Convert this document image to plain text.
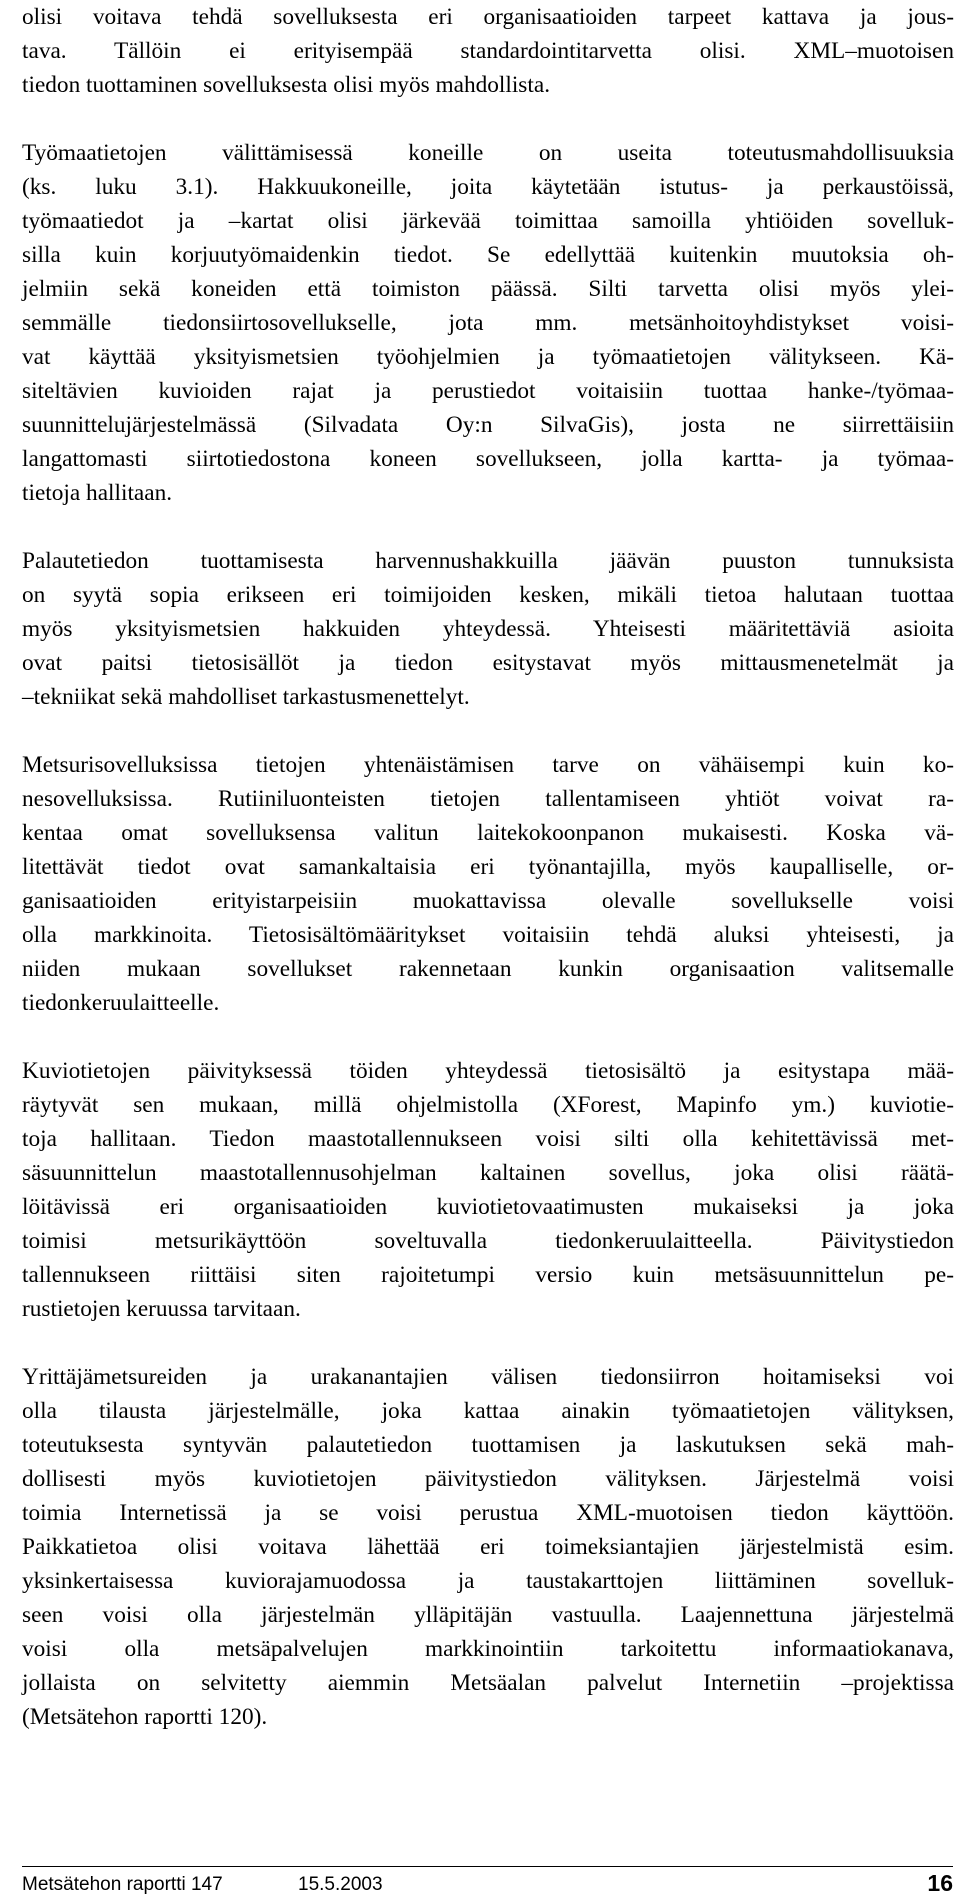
olisi voitava tehdä sovelluksesta eri organisaatioiden tarpeet kattava ja jous-
tava. Tällöin ei erityisempää standardointitarvetta olisi. XML–muotoisen
tiedon tuottaminen sovelluksesta olisi myös mahdollista.
Työmaatietojen välittämisessä koneille on useita toteutusmahdollisuuksia
(ks. luku 3.1). Hakkuukoneille, joita käytetään istutus- ja perkaustöissä,
työmaatiedot ja –kartat olisi järkevää toimittaa samoilla yhtiöiden sovelluk-
silla kuin korjuutyömaidenkin tiedot. Se edellyttää kuitenkin muutoksia oh-
jelmiin sekä koneiden että toimiston päässä. Silti tarvetta olisi myös ylei-
semmälle tiedonsiirtosovellukselle, jota mm. metsänhoitoyhdistykset voisi-
vat käyttää yksityismetsien työohjelmien ja työmaatietojen välitykseen. Kä-
siteltävien kuvioiden rajat ja perustiedot voitaisiin tuottaa hanke-/työmaa-
suunnittelujärjestelmässä (Silvadata Oy:n SilvaGis), josta ne siirrettäisiin
langattomasti siirtotiedostona koneen sovellukseen, jolla kartta- ja työmaa-
tietoja hallitaan.
Palautetiedon tuottamisesta harvennushakkuilla jäävän puuston tunnuksista
on syytä sopia erikseen eri toimijoiden kesken, mikäli tietoa halutaan tuottaa
myös yksityismetsien hakkuiden yhteydessä. Yhteisesti määritettäviä asioita
ovat paitsi tietosisällöt ja tiedon esitystavat myös mittausmenetelmät ja
–tekniikat sekä mahdolliset tarkastusmenettelyt.
Metsurisovelluksissa tietojen yhtenäistämisen tarve on vähäisempi kuin ko-
nesovelluksissa. Rutiiniluonteisten tietojen tallentamiseen yhtiöt voivat ra-
kentaa omat sovelluksensa valitun laitekokoonpanon mukaisesti. Koska vä-
litettävät tiedot ovat samankaltaisia eri työnantajilla, myös kaupalliselle, or-
ganisaatioiden erityistarpeisiin muokattavissa olevalle sovellukselle voisi
olla markkinoita. Tietosisältömääritykset voitaisiin tehdä aluksi yhteisesti, ja
niiden mukaan sovellukset rakennetaan kunkin organisaation valitsemalle
tiedonkeruulaitteelle.
Kuviotietojen päivityksessä töiden yhteydessä tietosisältö ja esitystapa mää-
räytyvät sen mukaan, millä ohjelmistolla (XForest, Mapinfo ym.) kuviotie-
toja hallitaan. Tiedon maastotallennukseen voisi silti olla kehitettävissä met-
säsuunnittelun maastotallennusohjelman kaltainen sovellus, joka olisi räätä-
löitävissä eri organisaatioiden kuviotietovaatimusten mukaiseksi ja joka
toimisi metsurikäyttöön soveltuvalla tiedonkeruulaitteella. Päivitystiedon
tallennukseen riittäisi siten rajoitetumpi versio kuin metsäsuunnittelun pe-
rustietojen keruussa tarvitaan.
Yrittäjämetsureiden ja urakanantajien välisen tiedonsiirron hoitamiseksi voi
olla tilausta järjestelmälle, joka kattaa ainakin työmaatietojen välityksen,
toteutuksesta syntyvän palautetiedon tuottamisen ja laskutuksen sekä mah-
dollisesti myös kuviotietojen päivitystiedon välityksen. Järjestelmä voisi
toimia Internetissä ja se voisi perustua XML-muotoisen tiedon käyttöön.
Paikkatietoa olisi voitava lähettää eri toimeksiantajien järjestelmistä esim.
yksinkertaisessa kuviorajamuodossa ja taustakarttojen liittäminen sovelluk-
seen voisi olla järjestelmän ylläpitäjän vastuulla. Laajennettuna järjestelmä
voisi olla metsäpalvelujen markkinointiin tarkoitettu informaatiokanava,
jollaista on selvitetty aiemmin Metsäalan palvelut Internetiin –projektissa
(Metsätehon raportti 120).
Metsätehon raportti 147	15.5.2003	16
